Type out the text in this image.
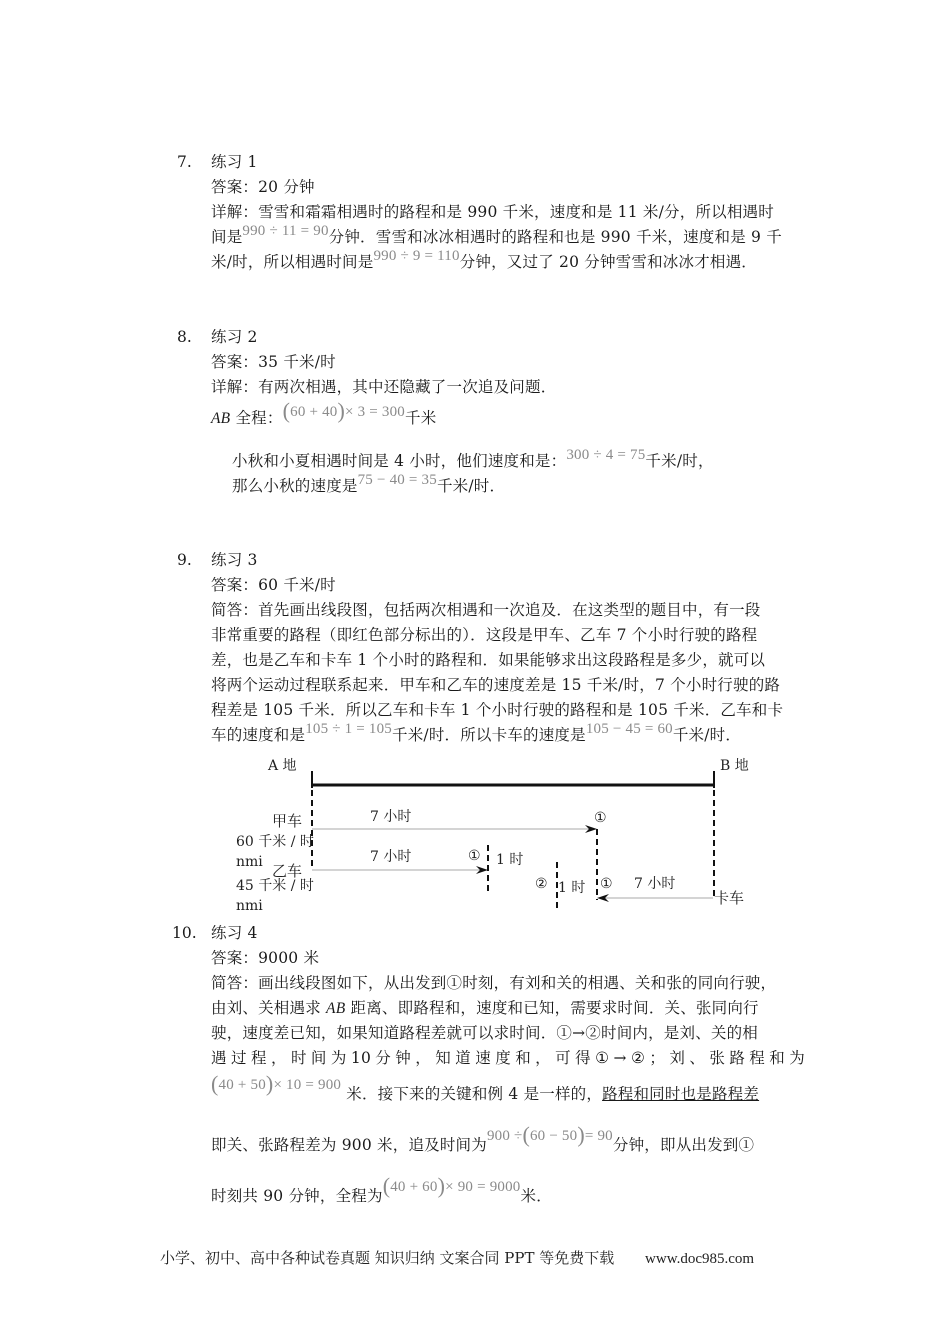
7. 练习 1
答案：20 分钟
详解：雪雪和霜霜相遇时的路程和是 990 千米，速度和是 11 米/分，所以相遇时
间是990 ÷ 11 = 90分钟．雪雪和冰冰相遇时的路程和也是 990 千米，速度和是 9 千
米/时，所以相遇时间是990 ÷ 9 = 110分钟，又过了 20 分钟雪雪和冰冰才相遇．
8. 练习 2
答案：35 千米/时
详解：有两次相遇，其中还隐藏了一次追及问题．
AB 全程：(60 + 40)× 3 = 300千米
小秋和小夏相遇时间是 4 小时，他们速度和是：300 ÷ 4 = 75千米/时，
那么小秋的速度是75 − 40 = 35千米/时．
9. 练习 3
答案：60 千米/时
简答：首先画出线段图，包括两次相遇和一次追及．在这类型的题目中，有一段
非常重要的路程（即红色部分标出的）．这段是甲车、乙车 7 个小时行驶的路程
差，也是乙车和卡车 1 个小时的路程和．如果能够求出这段路程是多少，就可以
将两个运动过程联系起来．甲车和乙车的速度差是 15 千米/时，7 个小时行驶的路
程差是 105 千米．所以乙车和卡车 1 个小时行驶的路程和是 105 千米．乙车和卡
车的速度和是105 ÷ 1 = 105千米/时．所以卡车的速度是105 − 45 = 60千米/时．
A 地	B 地
甲车
60 千米 / 时
nmi 乙车
45 千米 / 时
nmi
7 小时
7 小时
7 小时
1 时
1 时
①
①
①
②
卡车
10. 练习 4
答案：9000 米
简答：画出线段图如下，从出发到①时刻，有刘和关的相遇、关和张的同向行驶，
由刘、关相遇求 AB 距离、即路程和，速度和已知，需要求时间．关、张同向行
驶，速度差已知，如果知道路程差就可以求时间．①→②时间内，是刘、关的相
遇 过 程 ， 时 间 为 10 分 钟 ， 知 道 速 度 和 ， 可 得 ① → ② ； 刘 、 张 路 程 和 为
(40 + 50)× 10 = 900 米．接下来的关键和例 4 是一样的，路程和同时也是路程差
即关、张路程差为 900 米，追及时间为900 ÷(60 − 50)= 90分钟，即从出发到①
时刻共 90 分钟，全程为(40 + 60)× 90 = 9000米．
小学、初中、高中各种试卷真题 知识归纳 文案合同 PPT 等免费下载 www.doc985.com
